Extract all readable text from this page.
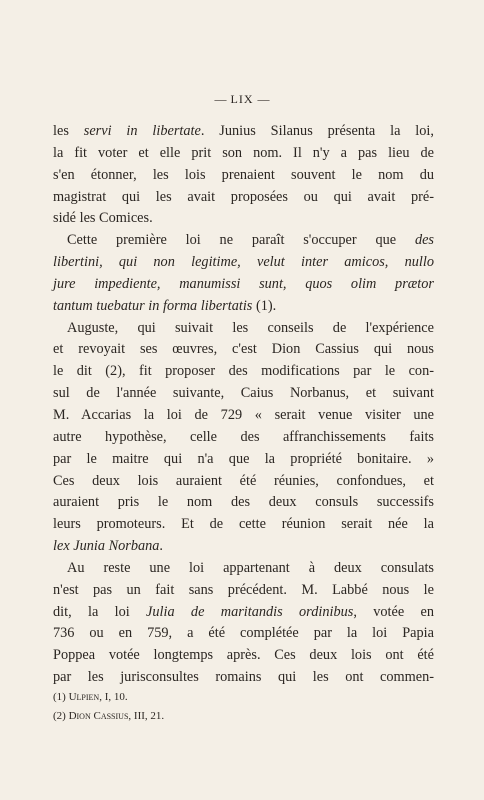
— LIX —
les servi in libertate. Junius Silanus présenta la loi,
la fit voter et elle prit son nom. Il n'y a pas lieu de
s'en étonner, les lois prenaient souvent le nom du
magistrat qui les avait proposées ou qui avait pré-
sidé les Comices.
Cette première loi ne paraît s'occuper que des
libertini, qui non legitime, velut inter amicos, nullo
jure impediente, manumissi sunt, quos olim prætor
tantum tuebatur in forma libertatis (1).
Auguste, qui suivait les conseils de l'expérience
et revoyait ses œuvres, c'est Dion Cassius qui nous
le dit (2), fit proposer des modifications par le con-
sul de l'année suivante, Caius Norbanus, et suivant
M. Accarias la loi de 729 « serait venue visiter une
autre hypothèse, celle des affranchissements faits
par le maitre qui n'a que la propriété bonitaire. »
Ces deux lois auraient été réunies, confondues, et
auraient pris le nom des deux consuls successifs
leurs promoteurs. Et de cette réunion serait née la
lex Junia Norbana.
Au reste une loi appartenant à deux consulats
n'est pas un fait sans précédent. M. Labbé nous le
dit, la loi Julia de maritandis ordinibus, votée en
736 ou en 759, a été complétée par la loi Papia
Poppea votée longtemps après. Ces deux lois ont été
par les jurisconsultes romains qui les ont commen-
(1) Ulpien, I, 10.
(2) Dion Cassius, III, 21.
